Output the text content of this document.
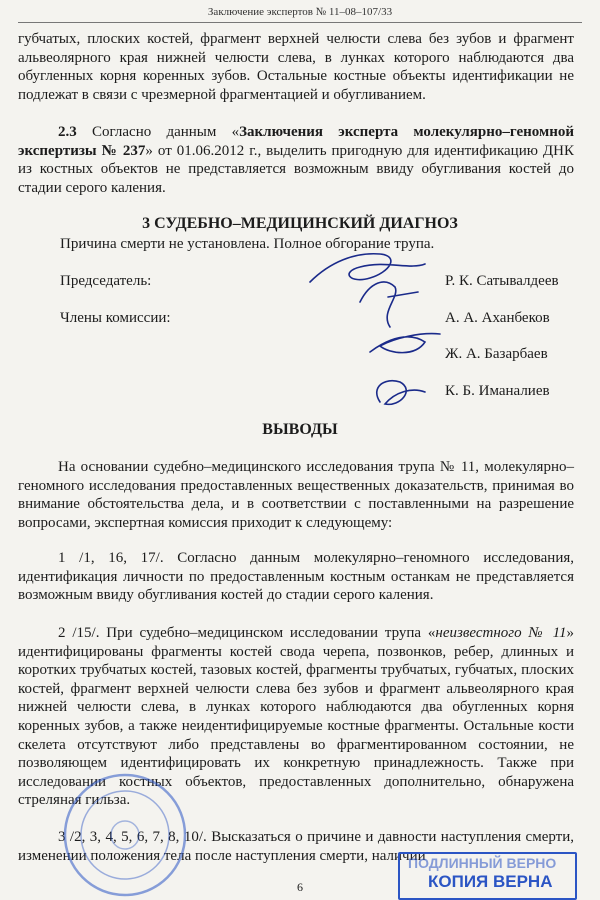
Заключение экспертов № 11–08–107/33
губчатых, плоских костей, фрагмент верхней челюсти слева без зубов и фрагмент альвеолярного края нижней челюсти слева, в лунках которого наблюдаются два обугленных корня коренных зубов. Остальные костные объекты идентификации не подлежат в связи с чрезмерной фрагментацией и обугливанием.
2.3 Согласно данным «Заключения эксперта молекулярно–геномной экспертизы № 237» от 01.06.2012 г., выделить пригодную для идентификацию ДНК из костных объектов не представляется возможным ввиду обугливания костей до стадии серого каления.
3 СУДЕБНО–МЕДИЦИНСКИЙ ДИАГНОЗ
Причина смерти не установлена. Полное обгорание трупа.
Председатель:	Р. К. Сатывалдеев
Члены комиссии:	А. А. Аханбеков
Ж. А. Базарбаев
К. Б. Иманалиев
ВЫВОДЫ
На основании судебно–медицинского исследования трупа № 11, молекулярно–геномного исследования предоставленных вещественных доказательств, принимая во внимание обстоятельства дела, и в соответствии с поставленными на разрешение вопросами, экспертная комиссия приходит к следующему:
1 /1, 16, 17/. Согласно данным молекулярно–геномного исследования, идентификация личности по предоставленным костным останкам не представляется возможным ввиду обугливания костей до стадии серого каления.
2 /15/. При судебно–медицинском исследовании трупа «неизвестного № 11» идентифицированы фрагменты костей свода черепа, позвонков, ребер, длинных и коротких трубчатых костей, тазовых костей, фрагменты трубчатых, губчатых, плоских костей, фрагмент верхней челюсти слева без зубов и фрагмент альвеолярного края нижней челюсти слева, в лунках которого наблюдаются два обугленных корня коренных зубов, а также неидентифицируемые костные фрагменты. Остальные кости скелета отсутствуют либо представлены во фрагментированном состоянии, не позволяющем идентифицировать их конкретную принадлежность. Также при исследовании костных объектов, предоставленных дополнительно, обнаружена стреляная гильза.
3 /2, 3, 4, 5, 6, 7, 8, 10/. Высказаться о причине и давности наступления смерти, изменении положения тела после наступления смерти, наличии
6
ПОДЛИННЫЙ ВЕРНО
КОПИЯ ВЕРНА
